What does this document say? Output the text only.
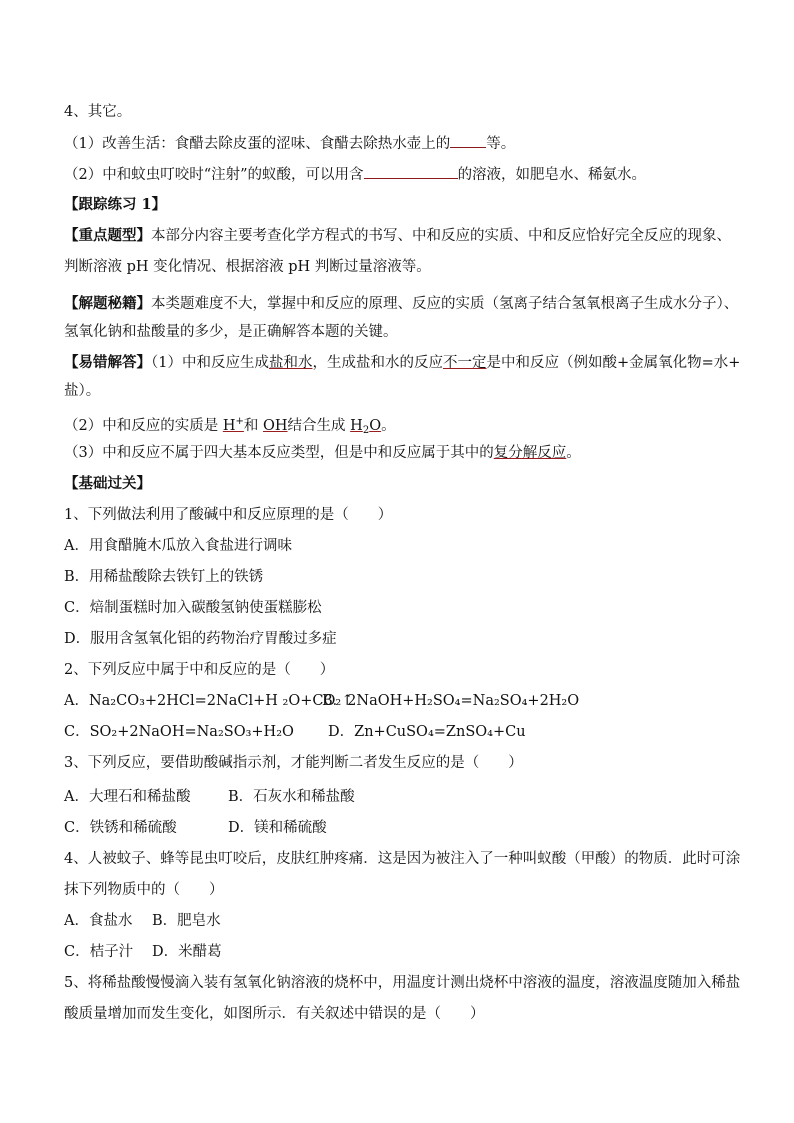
4、其它。
（1）改善生活：食醋去除皮蛋的涩味、食醋去除热水壶上的 等。
（2）中和蚊虫叮咬时“注射”的蚁酸，可以用含	的溶液，如肥皂水、稀氨水。
【跟踪练习 1】
【重点题型】本部分内容主要考查化学方程式的书写、中和反应的实质、中和反应恰好完全反应的现象、
判断溶液 pH 变化情况、根据溶液 pH 判断过量溶液等。
【解题秘籍】本类题难度不大，掌握中和反应的原理、反应的实质（氢离子结合氢氧根离子生成水分子）、
氢氧化钠和盐酸量的多少，是正确解答本题的关键。
【易错解答】（1）中和反应生成盐和水，生成盐和水的反应不一定是中和反应（例如酸+金属氧化物=水+
盐）。
（2）中和反应的实质是 H+和 OH结合生成 $H_2O$。
（3）中和反应不属于四大基本反应类型，但是中和反应属于其中的复分解反应。
【基础过关】
1、下列做法利用了酸碱中和反应原理的是（　　）
A．用食醋腌木瓜放入食盐进行调味
B．用稀盐酸除去铁钉上的铁锈
C．焙制蛋糕时加入碳酸氢钠使蛋糕膨松
D．服用含氢氧化铝的药物治疗胃酸过多症
2、下列反应中属于中和反应的是（　　）
A．Na₂CO₃+2HCl=2NaCl+H ₂O+CO₂↑
B．2NaOH+H₂SO₄=Na₂SO₄+2H₂O
C．SO₂+2NaOH=Na₂SO₃+H₂O D．Zn+CuSO₄=ZnSO₄+Cu
3、下列反应，要借助酸碱指示剂，才能判断二者发生反应的是（　　）
A．大理石和稀盐酸	B．石灰水和稀盐酸
C．铁锈和稀硫酸	D．镁和稀硫酸
4、人被蚊子、蜂等昆虫叮咬后，皮肤红肿疼痛．这是因为被注入了一种叫蚁酸（甲酸）的物质．此时可涂
抹下列物质中的（　　）
A．食盐水 B．肥皂水
C．桔子汁 D．米醋葛
5、将稀盐酸慢慢滴入装有氢氧化钠溶液的烧杯中，用温度计测出烧杯中溶液的温度，溶液温度随加入稀盐
酸质量增加而发生变化，如图所示．有关叙述中错误的是（　　）
